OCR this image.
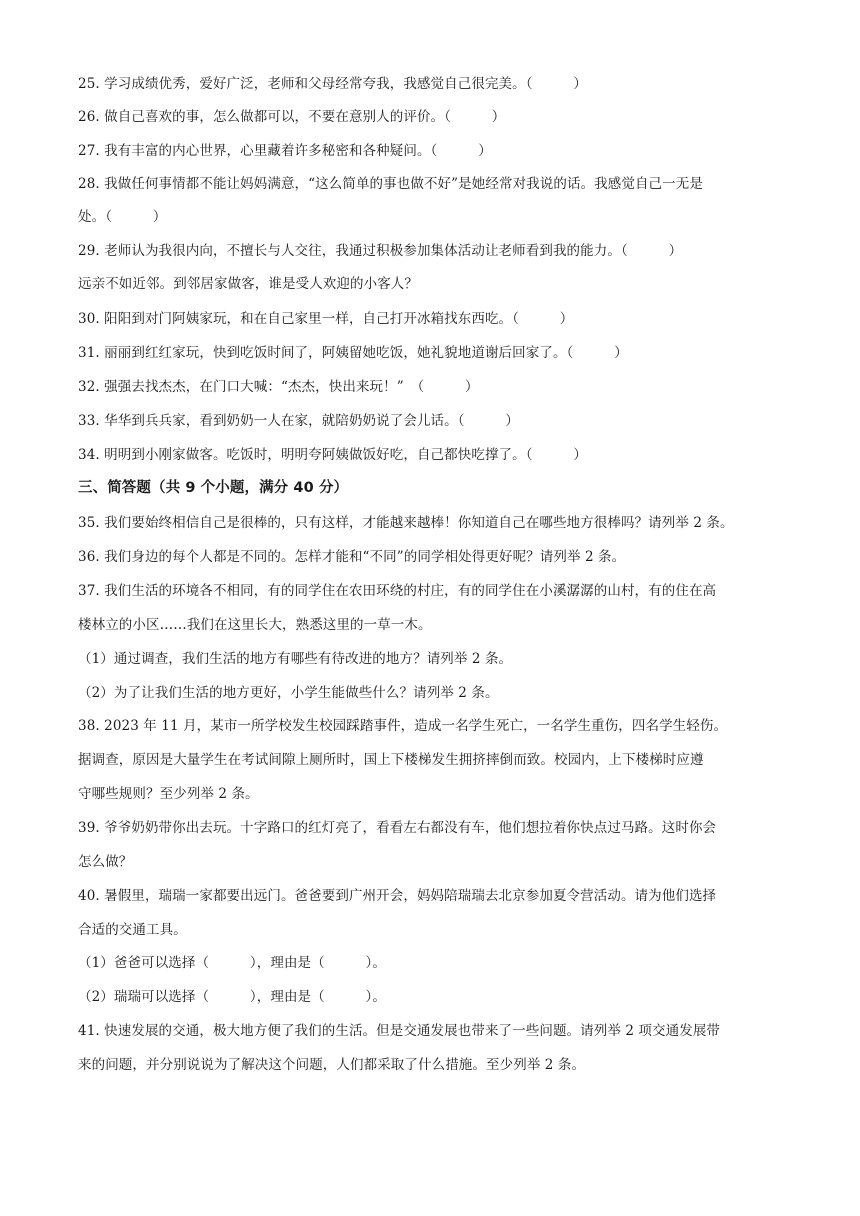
25. 学习成绩优秀，爱好广泛，老师和父母经常夸我，我感觉自己很完美。（　　　）
26. 做自己喜欢的事，怎么做都可以，不要在意别人的评价。（　　　）
27. 我有丰富的内心世界，心里藏着许多秘密和各种疑问。（　　　）
28. 我做任何事情都不能让妈妈满意，“这么简单的事也做不好”是她经常对我说的话。我感觉自己一无是
处。（　　　）
29. 老师认为我很内向，不擅长与人交往，我通过积极参加集体活动让老师看到我的能力。（　　　）
远亲不如近邻。到邻居家做客，谁是受人欢迎的小客人？
30. 阳阳到对门阿姨家玩，和在自己家里一样，自己打开冰箱找东西吃。（　　　）
31. 丽丽到红红家玩，快到吃饭时间了，阿姨留她吃饭，她礼貌地道谢后回家了。（　　　）
32. 强强去找杰杰，在门口大喊：“杰杰，快出来玩！”　（　　　）
33. 华华到兵兵家，看到奶奶一人在家，就陪奶奶说了会儿话。（　　　）
34. 明明到小刚家做客。吃饭时，明明夸阿姨做饭好吃，自己都快吃撑了。（　　　）
三、简答题（共 9 个小题，满分 40 分）
35. 我们要始终相信自己是很棒的，只有这样，才能越来越棒！你知道自己在哪些地方很棒吗？请列举 2 条。
36. 我们身边的每个人都是不同的。怎样才能和“不同”的同学相处得更好呢？请列举 2 条。
37. 我们生活的环境各不相同，有的同学住在农田环绕的村庄，有的同学住在小溪潺潺的山村，有的住在高
楼林立的小区……我们在这里长大，熟悉这里的一草一木。
（1）通过调查，我们生活的地方有哪些有待改进的地方？请列举 2 条。
（2）为了让我们生活的地方更好，小学生能做些什么？请列举 2 条。
38. 2023 年 11 月，某市一所学校发生校园踩踏事件，造成一名学生死亡，一名学生重伤，四名学生轻伤。
据调查，原因是大量学生在考试间隙上厕所时，国上下楼梯发生拥挤摔倒而致。校园内，上下楼梯时应遵
守哪些规则？至少列举 2 条。
39. 爷爷奶奶带你出去玩。十字路口的红灯亮了，看看左右都没有车，他们想拉着你快点过马路。这时你会
怎么做？
40. 暑假里，瑞瑞一家都要出远门。爸爸要到广州开会，妈妈陪瑞瑞去北京参加夏令营活动。请为他们选择
合适的交通工具。
（1）爸爸可以选择（　　　），理由是（　　　）。
（2）瑞瑞可以选择（　　　），理由是（　　　）。
41. 快速发展的交通，极大地方便了我们的生活。但是交通发展也带来了一些问题。请列举 2 项交通发展带
来的问题，并分别说说为了解决这个问题，人们都采取了什么措施。至少列举 2 条。
